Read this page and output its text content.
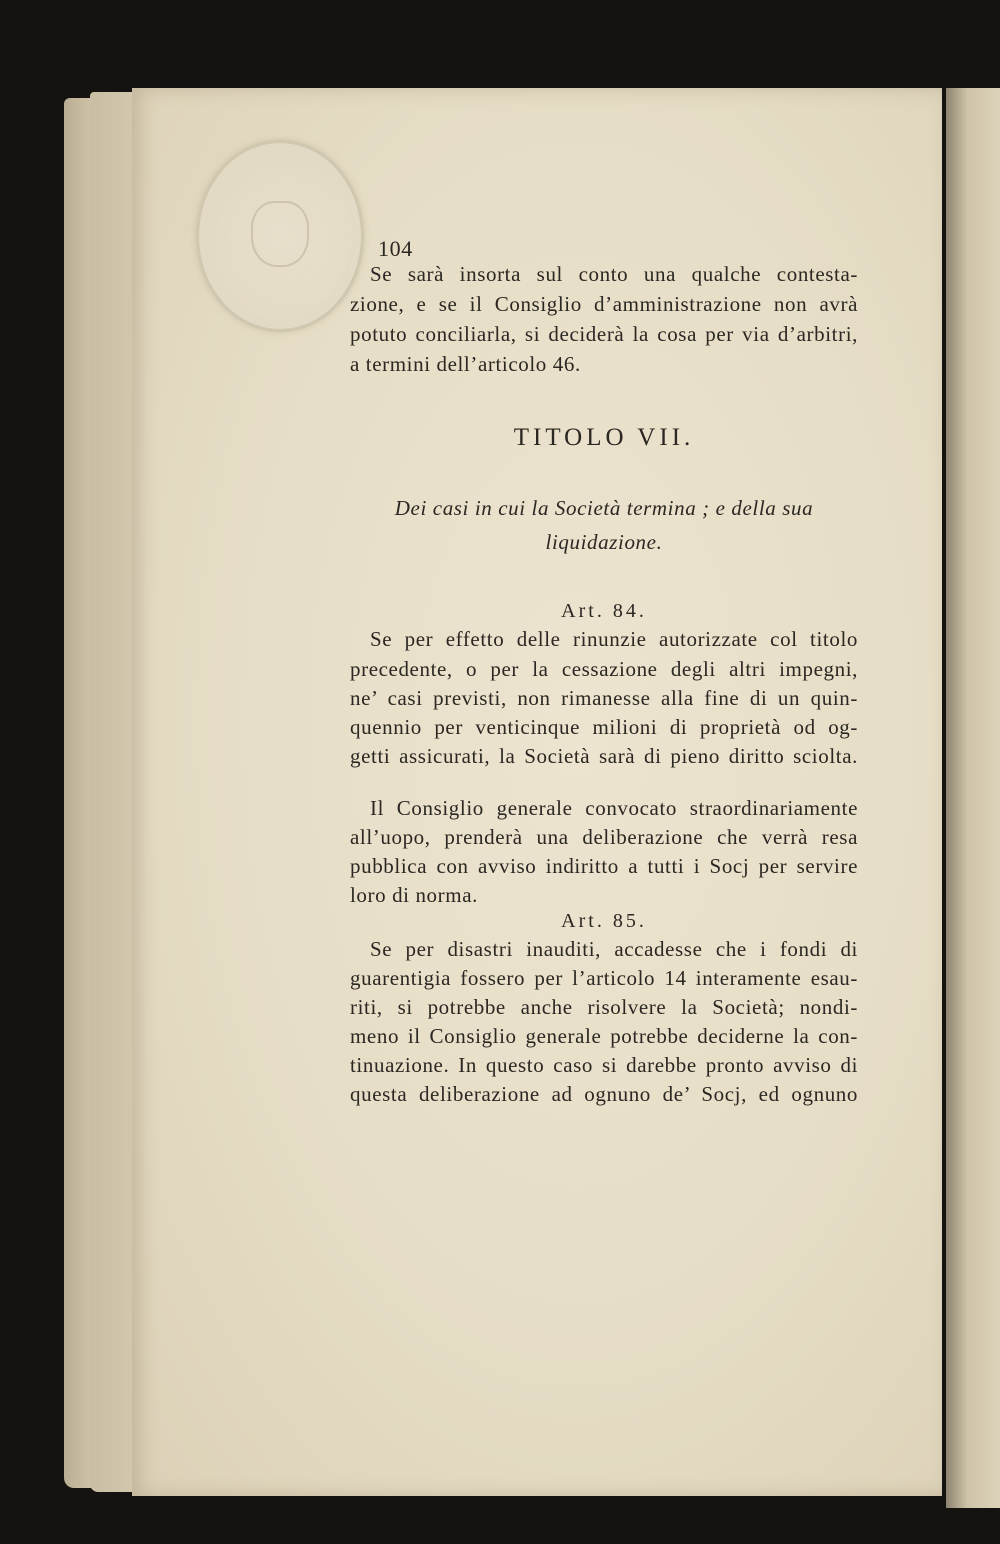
104
Se sarà insorta sul conto una qualche contesta-
zione, e se il Consiglio d’amministrazione non avrà
potuto conciliarla, si deciderà la cosa per via d’arbitri,
a termini dell’articolo 46.
TITOLO VII.
Dei casi in cui la Società termina ; e della sua
liquidazione.
Art. 84.
Se per effetto delle rinunzie autorizzate col titolo
precedente, o per la cessazione degli altri impegni,
ne’ casi previsti, non rimanesse alla fine di un quin-
quennio per venticinque milioni di proprietà od og-
getti assicurati, la Società sarà di pieno diritto sciolta.
Il Consiglio generale convocato straordinariamente
all’uopo, prenderà una deliberazione che verrà resa
pubblica con avviso indiritto a tutti i Socj per servire
loro di norma.
Art. 85.
Se per disastri inauditi, accadesse che i fondi di
guarentigia fossero per l’articolo 14 interamente esau-
riti, si potrebbe anche risolvere la Società; nondi-
meno il Consiglio generale potrebbe deciderne la con-
tinuazione. In questo caso si darebbe pronto avviso di
questa deliberazione ad ognuno de’ Socj, ed ognuno
